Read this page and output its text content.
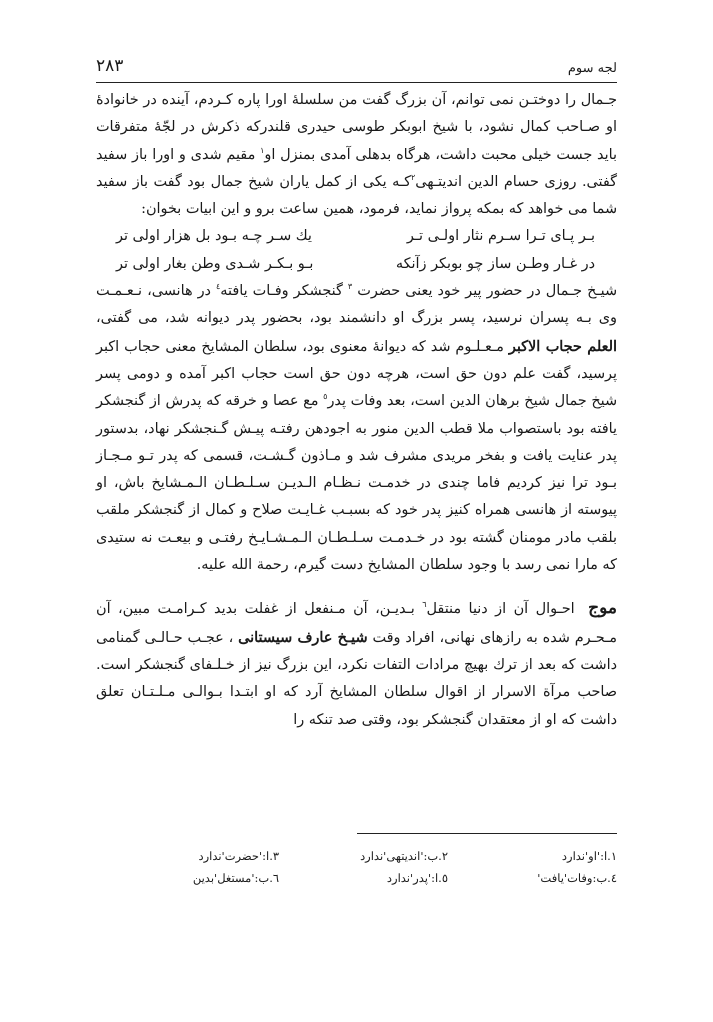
لجه سوم
۲۸۳

جـمال را دوختـن نمی توانم، آن بزرگ گفت من سلسلهٔ اورا پاره کـردم، آینده در خانوادهٔ او صـاحب کمال نشود، با شیخ ابوبکر طوسی حیدری قلندرکه ذکرش در لجّهٔ متفرقات باید جست خیلی محبت داشت، هرگاه بدهلی آمدی بمنزل او$^۱$ مقیم شدی و اورا باز سفید گفتی. روزی حسام الدین اندیتـهی$^۲$کـه یکی از کمل یاران شیخ جمال بود گفت باز سفید شما می خواهد که بمکه پرواز نماید، فرمود، همین ساعت برو و این ابیات بخوان:

بـر پـای تـرا سـرم نثار اولـی تـر
يك سـر چـه بـود بل هزار اولی تر
در غـار وطـن ساز چو بوبکر زآنکه
بـو بـکـر شـدی وطن بغار اولی تر

شیـخ جـمال در حضور پیر خود یعنی حضرت $^۳$ گنجشکر وفـات یافته$^٤$ در هانسی، نـعـمـت وی بـه پسران نرسید، پسر بزرگ او دانشمند بود، بحضور پدر دیوانه شد، می گفتی، العلم حجاب الاکبر مـعـلـوم شد که دیوانهٔ معنوی بود، سلطان المشایخ معنی حجاب اکبر پرسید، گفت علم دون حق است، هرچه دون حق است حجاب اکبر آمده و دومی پسر شیخ جمال شیخ برهان الدین است، بعد وفات پدر$^٥$ مع عصا و خرقه که پدرش از گنجشکر یافته بود باستصواب ملا قطب الدین منور به اجودهن رفتـه پیـش گـنجشکر نهاد، بدستور پدر عنایت یافت و بفخر مریدی مشرف شد و مـاذون گـشـت، قسمی که پدر تـو مـجـاز بـود ترا نیز کردیم فاما چندی در خدمـت نـظـام الـدیـن سـلـطـان الـمـشایخ باش، او پیوسته از هانسی همراه کنیز پدر خود که بسبـب غـایـت صلاح و کمال از گنجشکر ملقب بلقب مادر مومنان گشته بود در خـدمـت سـلـطـان الـمـشـایـخ رفتـی و بیعـت نه ستیدی که مارا نمی رسد با وجود سلطان المشایخ دست گیرم، رحمة الله علیه.

موج احـوال آن از دنیا منتقل$^٦$ بـدیـن، آن مـنفعل از غفلت بدید کـرامـت مبین، آن مـحـرم شده به رازهای نهانی، افراد وقت شیـخ عارف سیستانی ، عجـب حـالـی گمنامی داشت که بعد از ترك بهیچ مرادات التفات نکرد، این بزرگ نیز از خـلـفای گنجشکر است. صاحب مرآة الاسرار از اقوال سلطان المشایخ آرد که او ابتـدا بـوالـی مـلـتـان تعلق داشت که او از معتقدان گنجشکر بود، وقتی صد تنکه را

١.ا:'او'ندارد
٢.ب:'اندیتهی'ندارد
٣.ا:'حضرت'ندارد
٤.ب:وفات'یافت'
٥.ا:'پدر'ندارد
٦.ب:'مستغل'بدین
